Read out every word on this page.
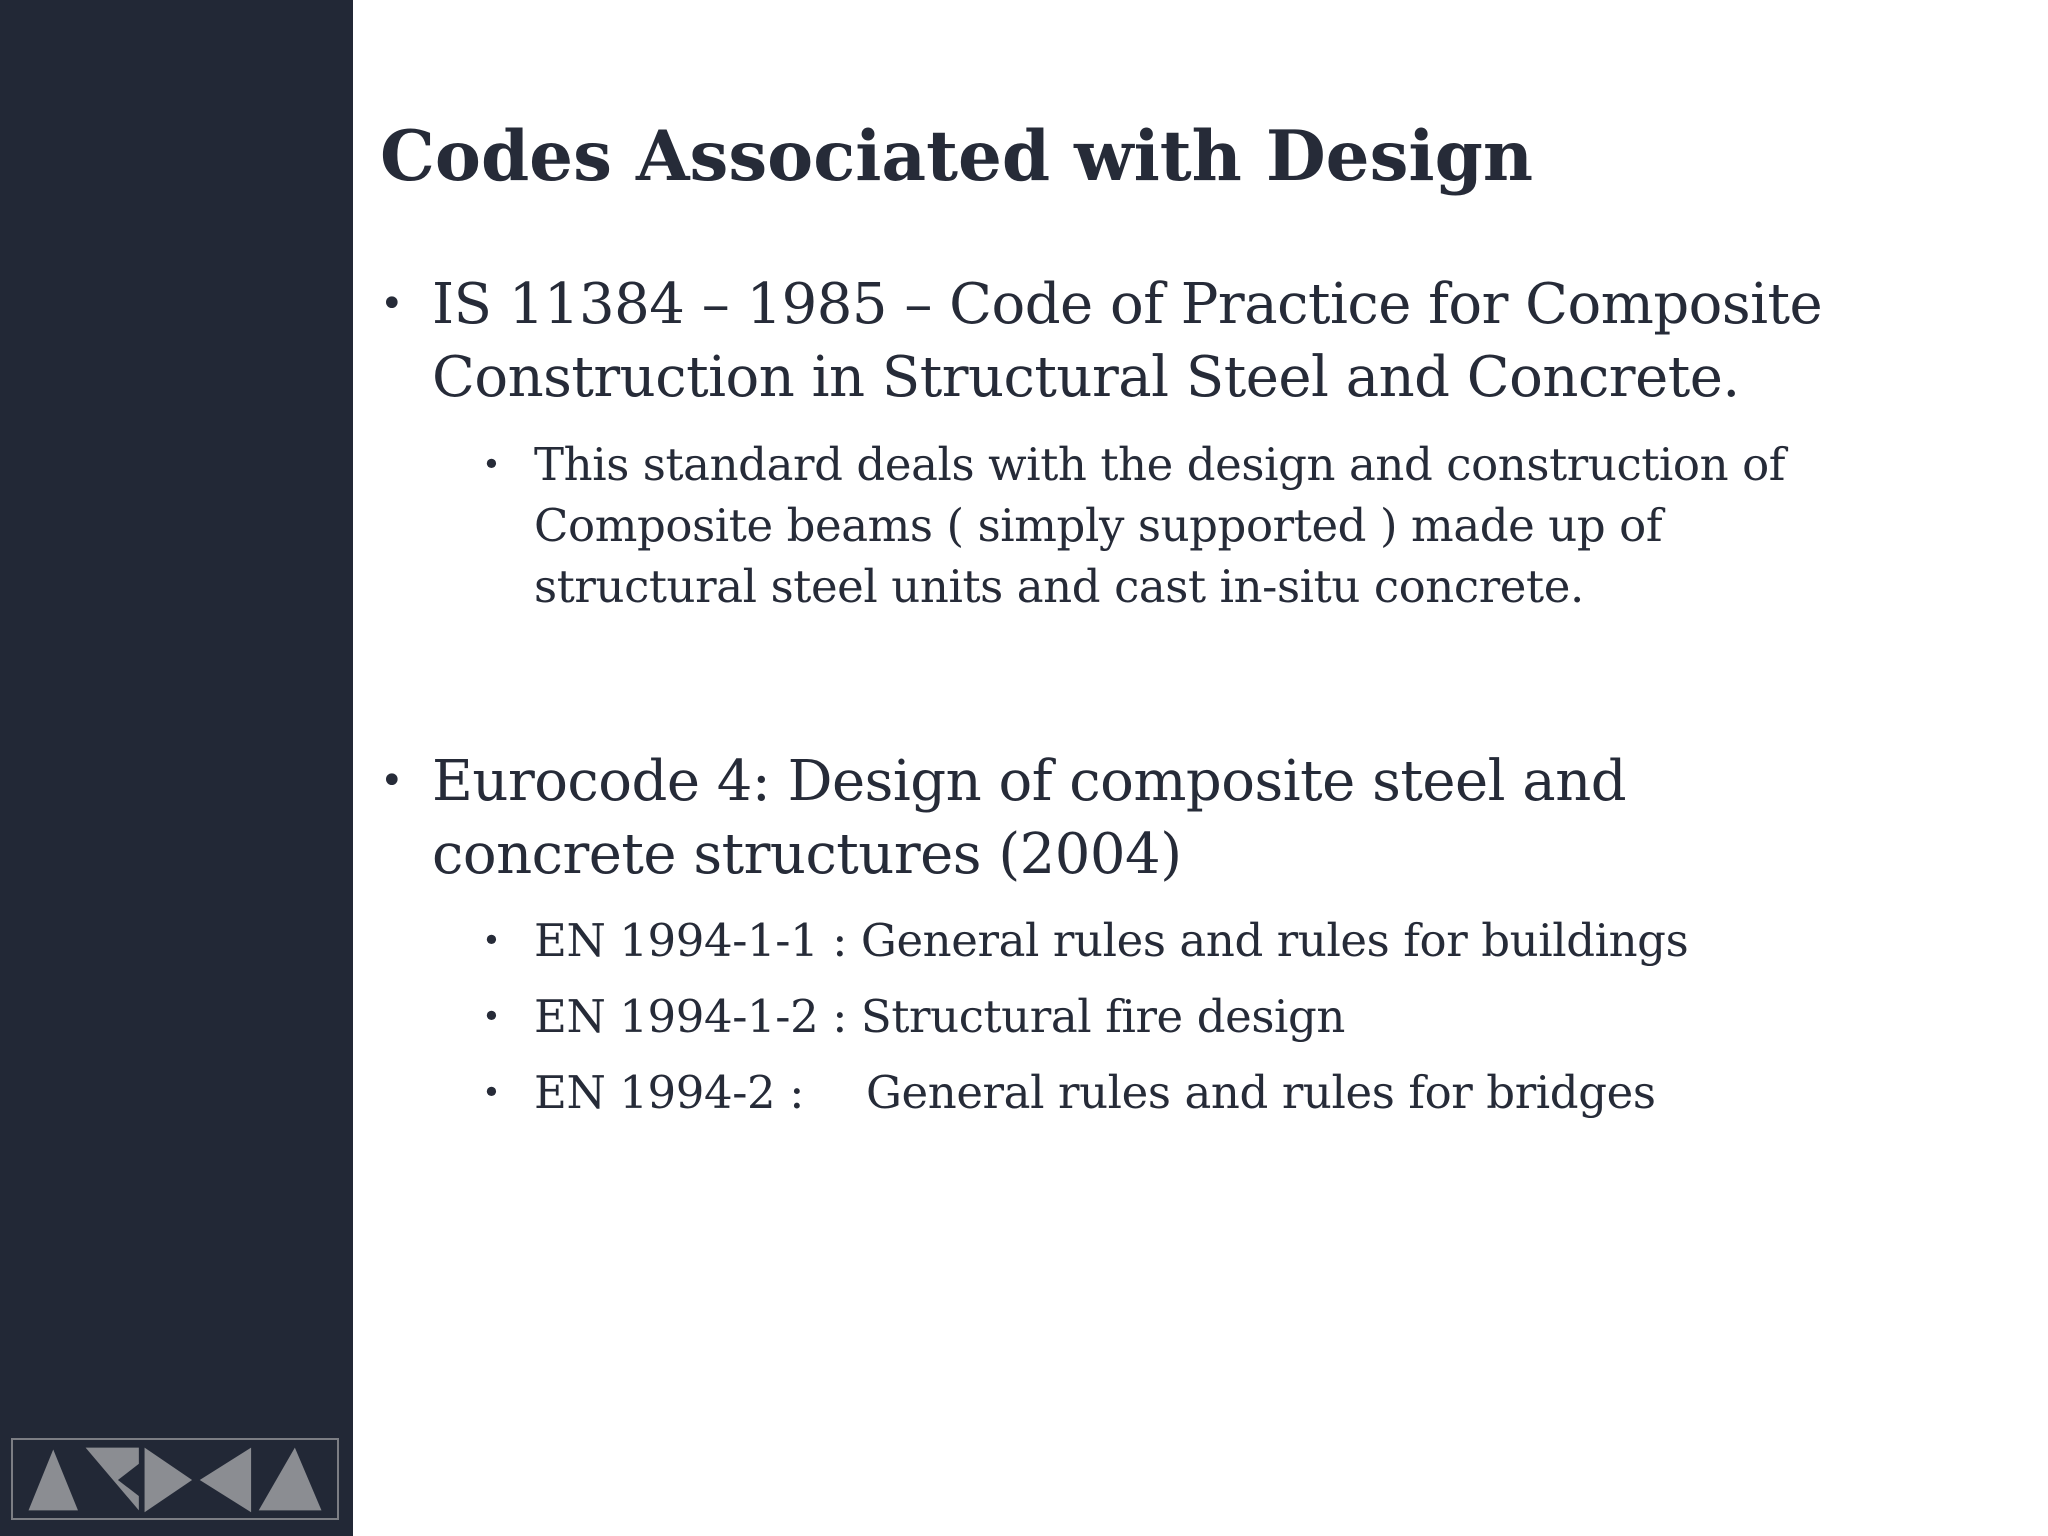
Codes Associated with Design
• IS 11384 – 1985 – Code of Practice for Composite Construction in Structural Steel and Concrete.
• This standard deals with the design and construction of Composite beams ( simply supported ) made up of structural steel units and cast in-situ concrete.
• Eurocode 4: Design of composite steel and concrete structures (2004)
• EN 1994-1-1 : General rules and rules for buildings
• EN 1994-1-2 : Structural fire design
• EN 1994-2 : General rules and rules for bridges
